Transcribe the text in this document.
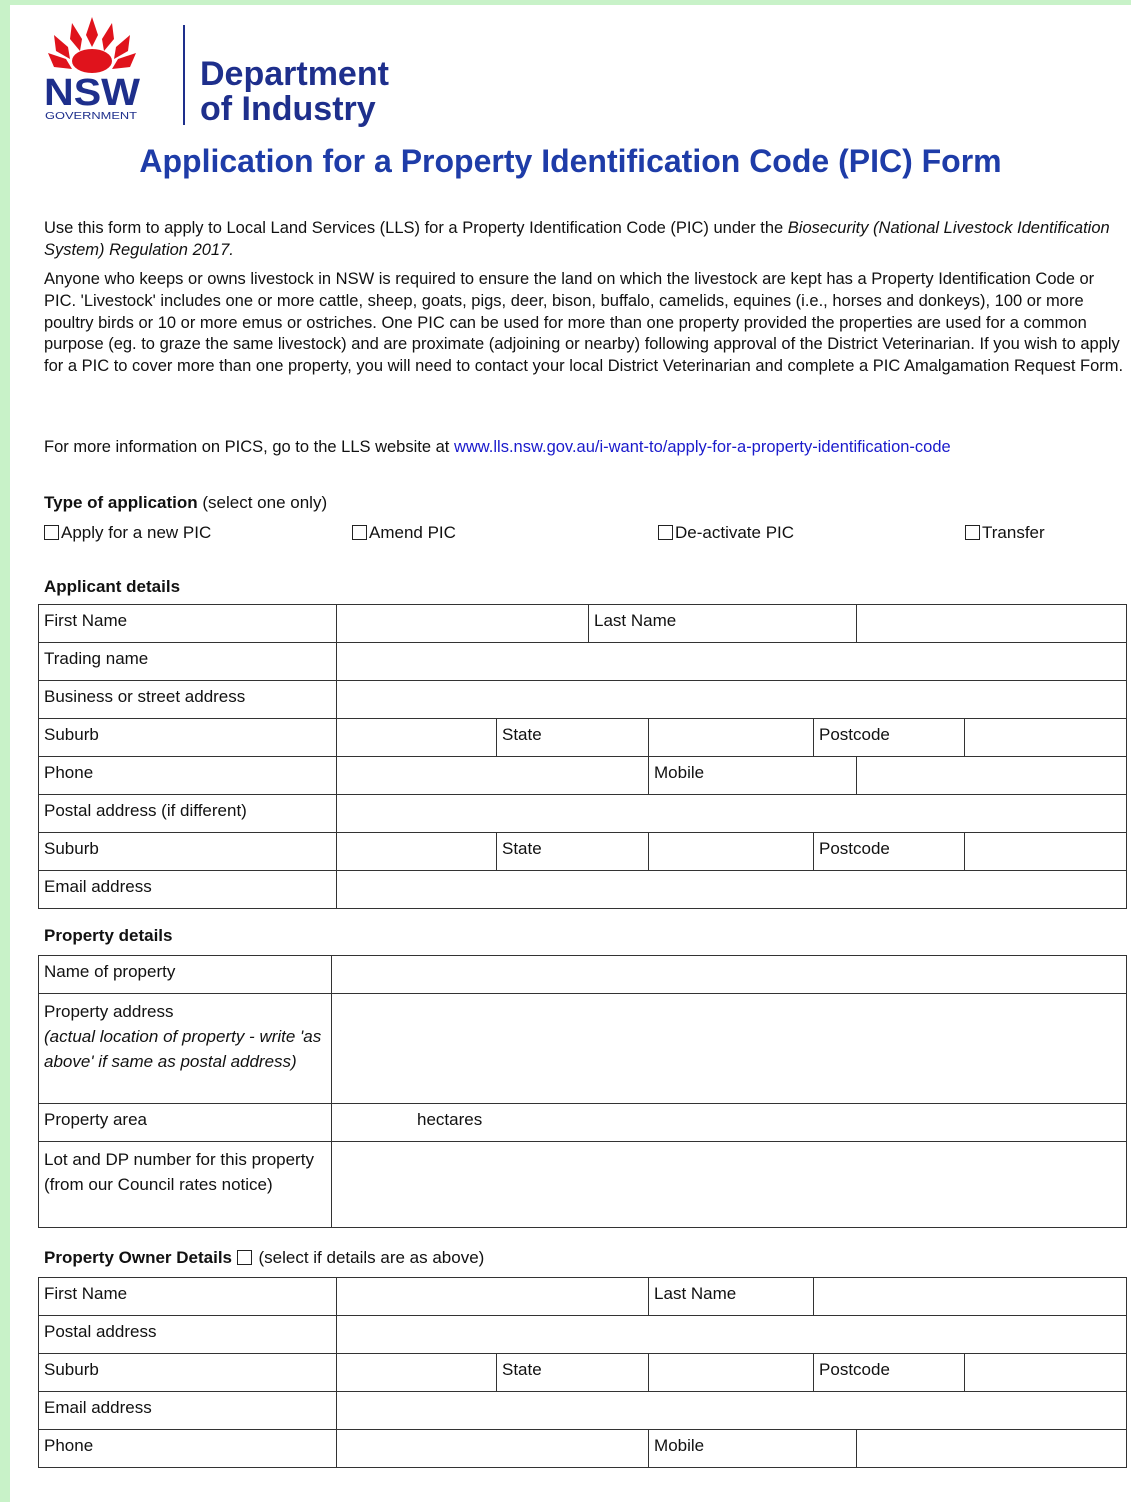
NSW
GOVERNMENT
Department
of Industry
Application for a Property Identification Code (PIC) Form
Use this form to apply to Local Land Services (LLS) for a Property Identification Code (PIC) under the Biosecurity (National Livestock Identification System) Regulation 2017.
Anyone who keeps or owns livestock in NSW is required to ensure the land on which the livestock are kept has a Property Identification Code or PIC. 'Livestock' includes one or more cattle, sheep, goats, pigs, deer, bison, buffalo, camelids, equines (i.e., horses and donkeys), 100 or more poultry birds or 10 or more emus or ostriches. One PIC can be used for more than one property provided the properties are used for a common purpose (eg. to graze the same livestock) and are proximate (adjoining or nearby) following approval of the District Veterinarian. If you wish to apply for a PIC to cover more than one property, you will need to contact your local District Veterinarian and complete a PIC Amalgamation Request Form.
For more information on PICS, go to the LLS website at www.lls.nsw.gov.au/i-want-to/apply-for-a-property-identification-code
Type of application (select one only)
Apply for a new PIC	Amend PIC	De-activate PIC	Transfer
Applicant details
First Name			Last Name				
Trading name							
Business or street address							
Suburb		State			Postcode		
Phone				Mobile			
Postal address (if different)							
Suburb		State			Postcode		
Email address							
Property details
Name of property	

Property address
(actual location of property - write 'as above' if same as postal address)	

Property area	hectares

Lot and DP number for this property
(from our Council rates notice)	

Property Owner Details (select if details are as above)
First Name			Last Name			
Postal address						
Suburb		State		Postcode		
Email address						
Phone			Mobile			
